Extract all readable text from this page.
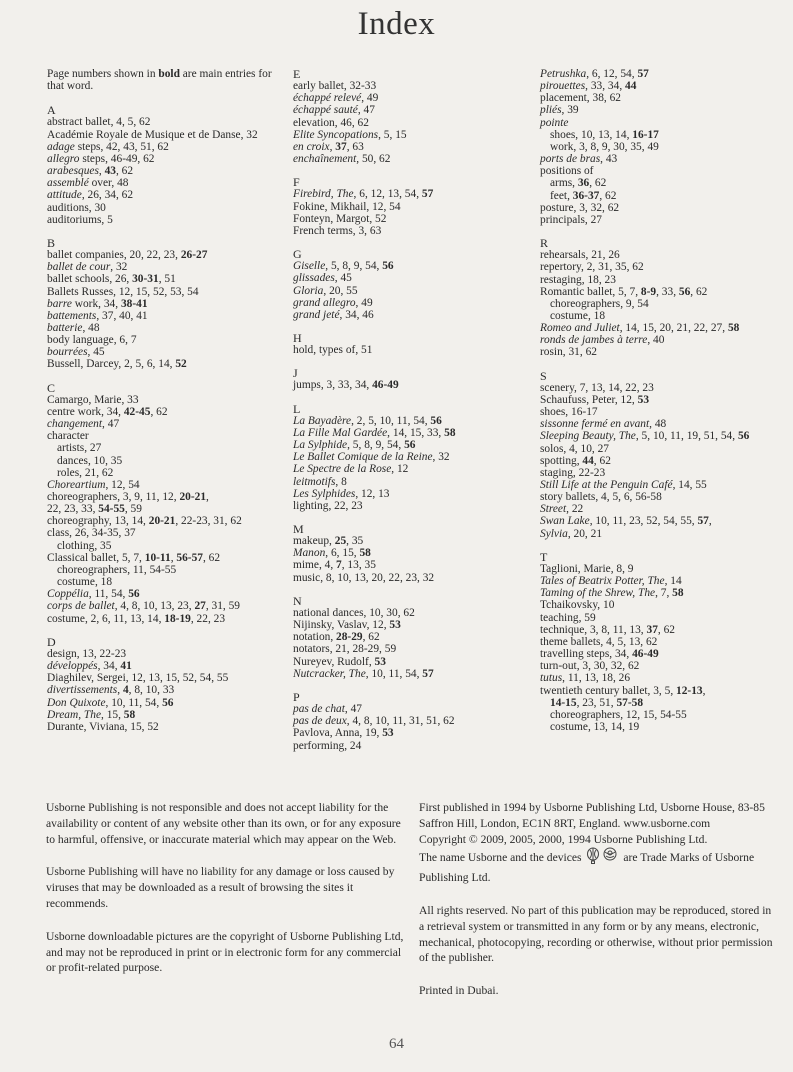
Index
Page numbers shown in bold are main entries for that word.
A
abstract ballet, 4, 5, 62
Académie Royale de Musique et de Danse, 32
adage steps, 42, 43, 51, 62
allegro steps, 46-49, 62
arabesques, 43, 62
assemblé over, 48
attitude, 26, 34, 62
auditions, 30
auditoriums, 5
B
ballet companies, 20, 22, 23, 26-27
ballet de cour, 32
ballet schools, 26, 30-31, 51
Ballets Russes, 12, 15, 52, 53, 54
barre work, 34, 38-41
battements, 37, 40, 41
batterie, 48
body language, 6, 7
bourrées, 45
Bussell, Darcey, 2, 5, 6, 14, 52
C
Camargo, Marie, 33
centre work, 34, 42-45, 62
changement, 47
character
artists, 27
dances, 10, 35
roles, 21, 62
Choreartium, 12, 54
choreographers, 3, 9, 11, 12, 20-21,
22, 23, 33, 54-55, 59
choreography, 13, 14, 20-21, 22-23, 31, 62
class, 26, 34-35, 37
clothing, 35
Classical ballet, 5, 7, 10-11, 56-57, 62
choreographers, 11, 54-55
costume, 18
Coppélia, 11, 54, 56
corps de ballet, 4, 8, 10, 13, 23, 27, 31, 59
costume, 2, 6, 11, 13, 14, 18-19, 22, 23
D
design, 13, 22-23
développés, 34, 41
Diaghilev, Sergei, 12, 13, 15, 52, 54, 55
divertissements, 4, 8, 10, 33
Don Quixote, 10, 11, 54, 56
Dream, The, 15, 58
Durante, Viviana, 15, 52
E
early ballet, 32-33
échappé relevé, 49
échappé sauté, 47
elevation, 46, 62
Elite Syncopations, 5, 15
en croix, 37, 63
enchaînement, 50, 62
F
Firebird, The, 6, 12, 13, 54, 57
Fokine, Mikhail, 12, 54
Fonteyn, Margot, 52
French terms, 3, 63
G
Giselle, 5, 8, 9, 54, 56
glissades, 45
Gloria, 20, 55
grand allegro, 49
grand jeté, 34, 46
H
hold, types of, 51
J
jumps, 3, 33, 34, 46-49
L
La Bayadère, 2, 5, 10, 11, 54, 56
La Fille Mal Gardée, 14, 15, 33, 58
La Sylphide, 5, 8, 9, 54, 56
Le Ballet Comique de la Reine, 32
Le Spectre de la Rose, 12
leitmotifs, 8
Les Sylphides, 12, 13
lighting, 22, 23
M
makeup, 25, 35
Manon, 6, 15, 58
mime, 4, 7, 13, 35
music, 8, 10, 13, 20, 22, 23, 32
N
national dances, 10, 30, 62
Nijinsky, Vaslav, 12, 53
notation, 28-29, 62
notators, 21, 28-29, 59
Nureyev, Rudolf, 53
Nutcracker, The, 10, 11, 54, 57
P
pas de chat, 47
pas de deux, 4, 8, 10, 11, 31, 51, 62
Pavlova, Anna, 19, 53
performing, 24
Petrushka, 6, 12, 54, 57
pirouettes, 33, 34, 44
placement, 38, 62
pliés, 39
pointe
shoes, 10, 13, 14, 16-17
work, 3, 8, 9, 30, 35, 49
ports de bras, 43
positions of
arms, 36, 62
feet, 36-37, 62
posture, 3, 32, 62
principals, 27
R
rehearsals, 21, 26
repertory, 2, 31, 35, 62
restaging, 18, 23
Romantic ballet, 5, 7, 8-9, 33, 56, 62
choreographers, 9, 54
costume, 18
Romeo and Juliet, 14, 15, 20, 21, 22, 27, 58
ronds de jambes à terre, 40
rosin, 31, 62
S
scenery, 7, 13, 14, 22, 23
Schaufuss, Peter, 12, 53
shoes, 16-17
sissonne fermé en avant, 48
Sleeping Beauty, The, 5, 10, 11, 19, 51, 54, 56
solos, 4, 10, 27
spotting, 44, 62
staging, 22-23
Still Life at the Penguin Café, 14, 55
story ballets, 4, 5, 6, 56-58
Street, 22
Swan Lake, 10, 11, 23, 52, 54, 55, 57,
Sylvia, 20, 21
T
Taglioni, Marie, 8, 9
Tales of Beatrix Potter, The, 14
Taming of the Shrew, The, 7, 58
Tchaikovsky, 10
teaching, 59
technique, 3, 8, 11, 13, 37, 62
theme ballets, 4, 5, 13, 62
travelling steps, 34, 46-49
turn-out, 3, 30, 32, 62
tutus, 11, 13, 18, 26
twentieth century ballet, 3, 5, 12-13,
14-15, 23, 51, 57-58
choreographers, 12, 15, 54-55
costume, 13, 14, 19

Usborne Publishing is not responsible and does not accept liability for the availability or content of any website other than its own, or for any exposure to harmful, offensive, or inaccurate material which may appear on the Web.

Usborne Publishing will have no liability for any damage or loss caused by viruses that may be downloaded as a result of browsing the sites it recommends.

Usborne downloadable pictures are the copyright of Usborne Publishing Ltd, and may not be reproduced in print or in electronic form for any commercial or profit-related purpose.

First published in 1994 by Usborne Publishing Ltd, Usborne House, 83-85 Saffron Hill, London, EC1N 8RT, England. www.usborne.com

Copyright © 2009, 2005, 2000, 1994 Usborne Publishing Ltd.

The name Usborne and the devices	are Trade Marks of Usborne Publishing Ltd.

All rights reserved. No part of this publication may be reproduced, stored in a retrieval system or transmitted in any form or by any means, electronic, mechanical, photocopying, recording or otherwise, without prior permission of the publisher.

Printed in Dubai.

64
